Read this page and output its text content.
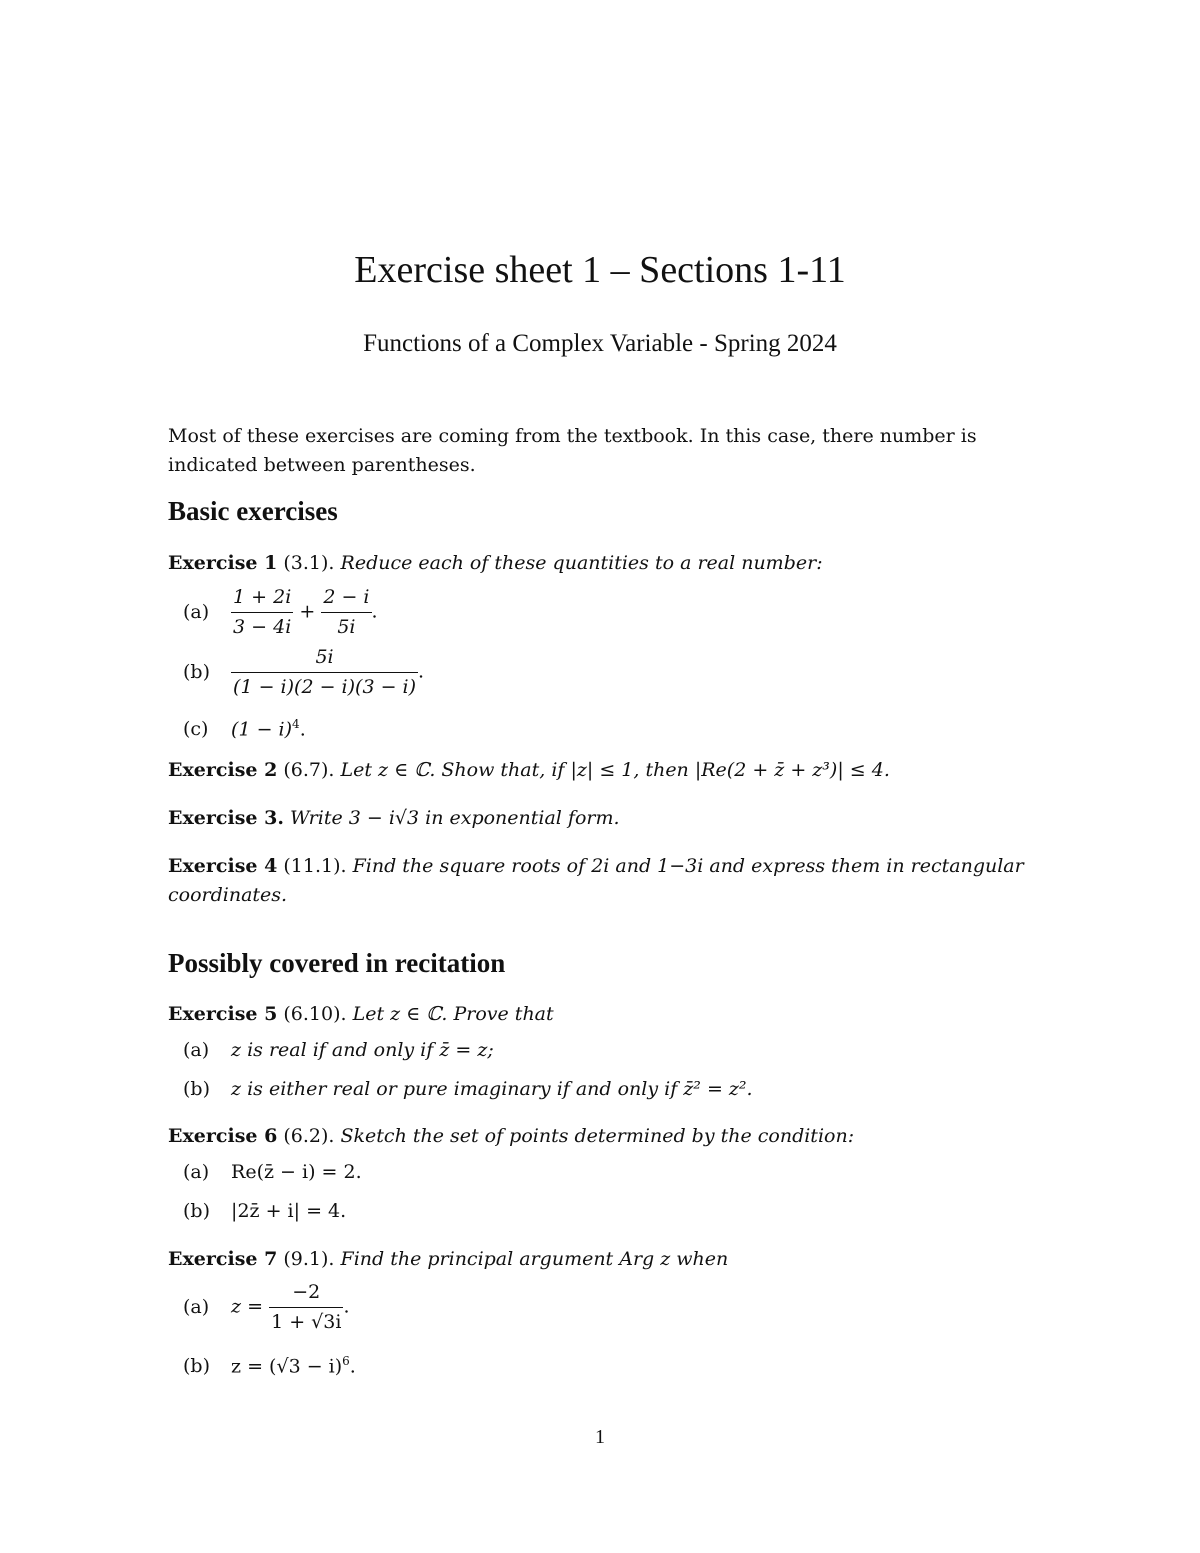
Exercise sheet 1 – Sections 1-11
Functions of a Complex Variable - Spring 2024
Most of these exercises are coming from the textbook. In this case, there number is indicated between parentheses.
Basic exercises
Exercise 1 (3.1). Reduce each of these quantities to a real number:
$(a) \frac{1 + 2i}{3 - 4i} + \frac{2 - i}{5i}$ .
$(b) \frac{5i}{(1 - i)(2 - i)(3 - i)}$ .
(c) $(1 - i)^4$.
Exercise 2 (6.7). Let z ∈ ℂ. Show that, if |z| ≤ 1, then |Re(2 + z̄ + z³)| ≤ 4.
Exercise 3. Write 3 − i√3 in exponential form.
Exercise 4 (11.1). Find the square roots of 2i and 1−3i and express them in rectangular coordinates.
Possibly covered in recitation
Exercise 5 (6.10). Let z ∈ ℂ. Prove that
(a) z is real if and only if z̄ = z;
(b) z is either real or pure imaginary if and only if z̄² = z².
Exercise 6 (6.2). Sketch the set of points determined by the condition:
(a) Re(z̄ − i) = 2.
(b) |2z̄ + i| = 4.
Exercise 7 (9.1). Find the principal argument Arg z when
(a) $z = \frac{-2}{1 + √3i}$ .
(b) $z = (√3 - i)^6$.
1
